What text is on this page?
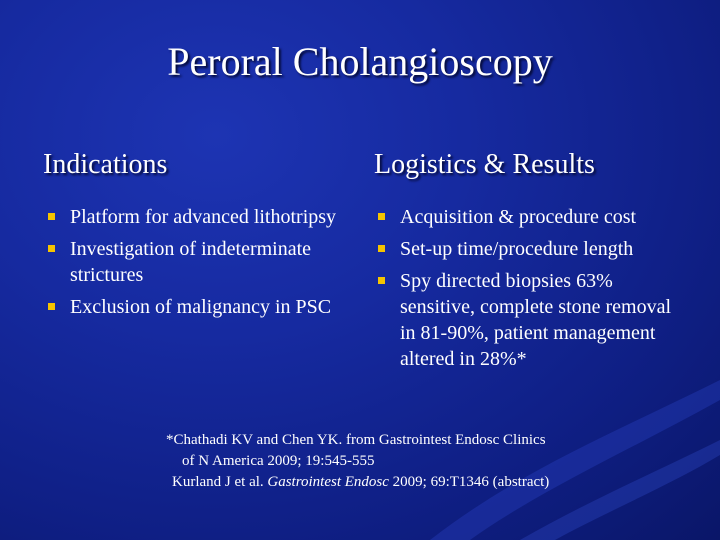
Peroral Cholangioscopy
Indications	Logistics & Results
Platform for advanced lithotripsy
Investigation of indeterminate strictures
Exclusion of malignancy in PSC
Acquisition & procedure cost
Set-up time/procedure length
Spy directed biopsies 63% sensitive, complete stone removal in 81-90%, patient management altered in 28%*
*Chathadi KV and Chen YK. from Gastrointest Endosc Clinics
of N America 2009; 19:545-555
Kurland J et al. Gastrointest Endosc 2009; 69:T1346 (abstract)
